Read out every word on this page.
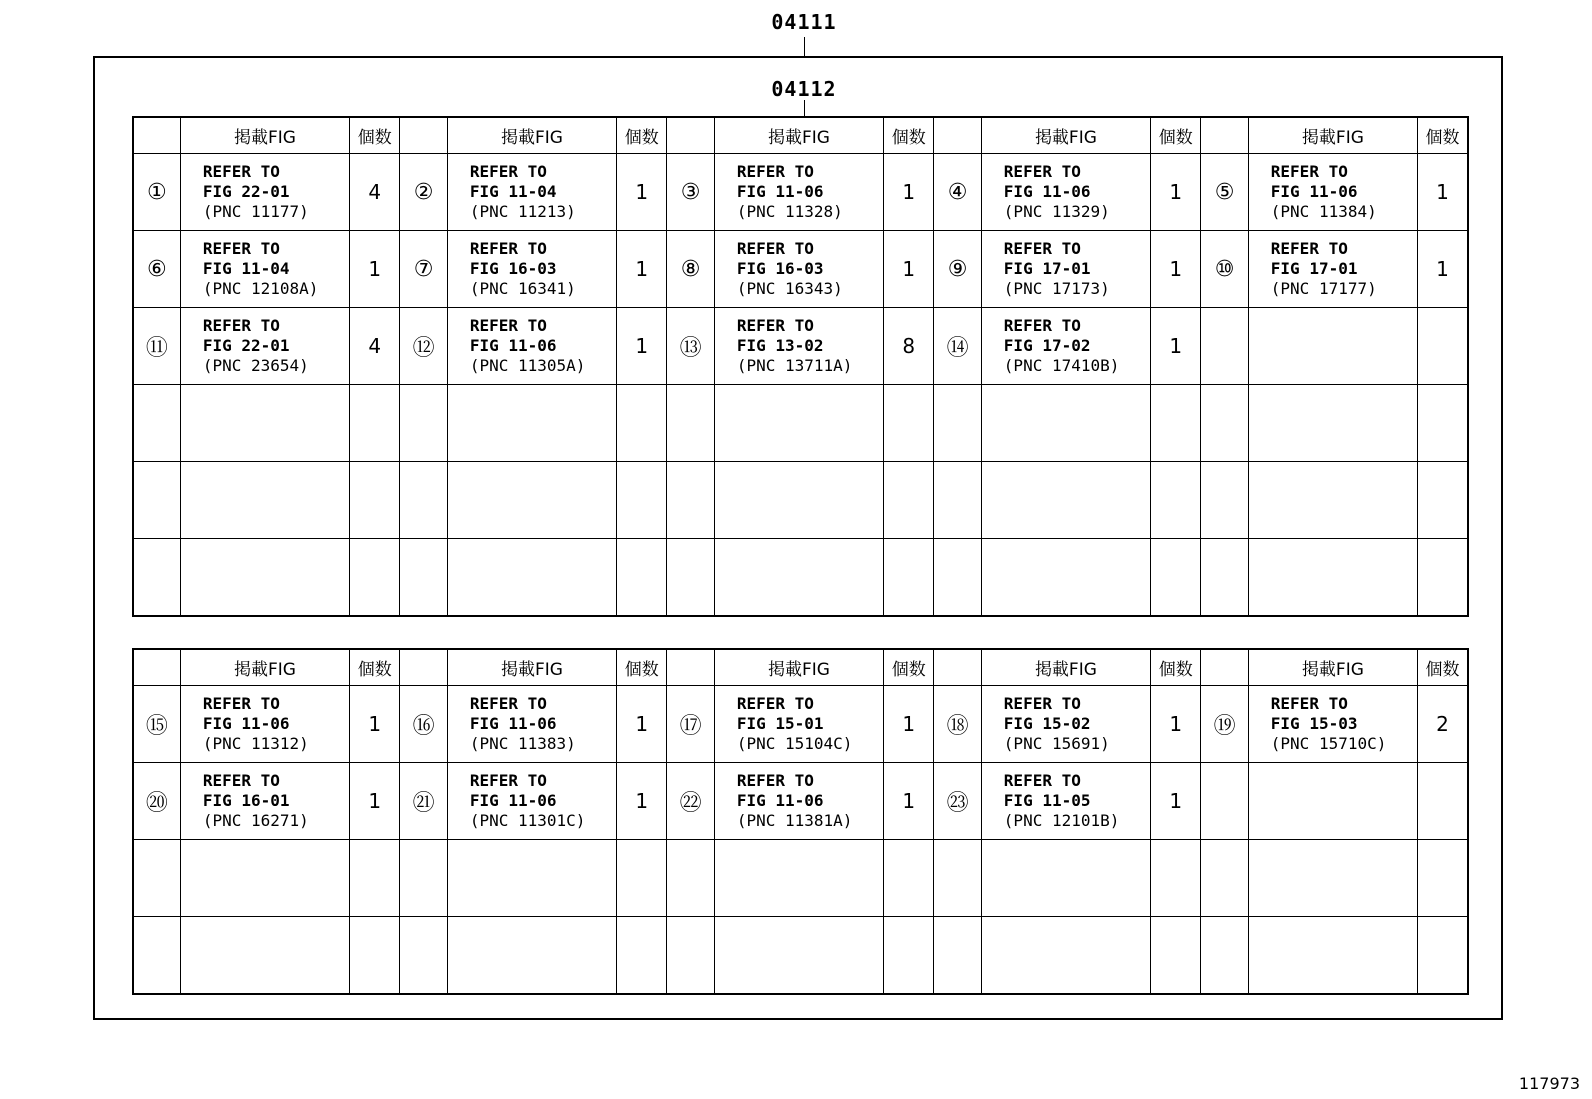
04111
04112
	掲載FIG	個数		掲載FIG	個数		掲載FIG	個数		掲載FIG	個数		掲載FIG	個数
①	REFER TO
FIG 22-01
(PNC 11177)	4	②	REFER TO
FIG 11-04
(PNC 11213)	1	③	REFER TO
FIG 11-06
(PNC 11328)	1	④	REFER TO
FIG 11-06
(PNC 11329)	1	⑤	REFER TO
FIG 11-06
(PNC 11384)	1
⑥	REFER TO
FIG 11-04
(PNC 12108A)	1	⑦	REFER TO
FIG 16-03
(PNC 16341)	1	⑧	REFER TO
FIG 16-03
(PNC 16343)	1	⑨	REFER TO
FIG 17-01
(PNC 17173)	1	⑩	REFER TO
FIG 17-01
(PNC 17177)	1
⑪	REFER TO
FIG 22-01
(PNC 23654)	4	⑫	REFER TO
FIG 11-06
(PNC 11305A)	1	⑬	REFER TO
FIG 13-02
(PNC 13711A)	8	⑭	REFER TO
FIG 17-02
(PNC 17410B)	1		

	掲載FIG	個数		掲載FIG	個数		掲載FIG	個数		掲載FIG	個数		掲載FIG	個数
⑮	REFER TO
FIG 11-06
(PNC 11312)	1	⑯	REFER TO
FIG 11-06
(PNC 11383)	1	⑰	REFER TO
FIG 15-01
(PNC 15104C)	1	⑱	REFER TO
FIG 15-02
(PNC 15691)	1	⑲	REFER TO
FIG 15-03
(PNC 15710C)	2
⑳	REFER TO
FIG 16-01
(PNC 16271)	1	㉑	REFER TO
FIG 11-06
(PNC 11301C)	1	㉒	REFER TO
FIG 11-06
(PNC 11381A)	1	㉓	REFER TO
FIG 11-05
(PNC 12101B)	1		

117973
